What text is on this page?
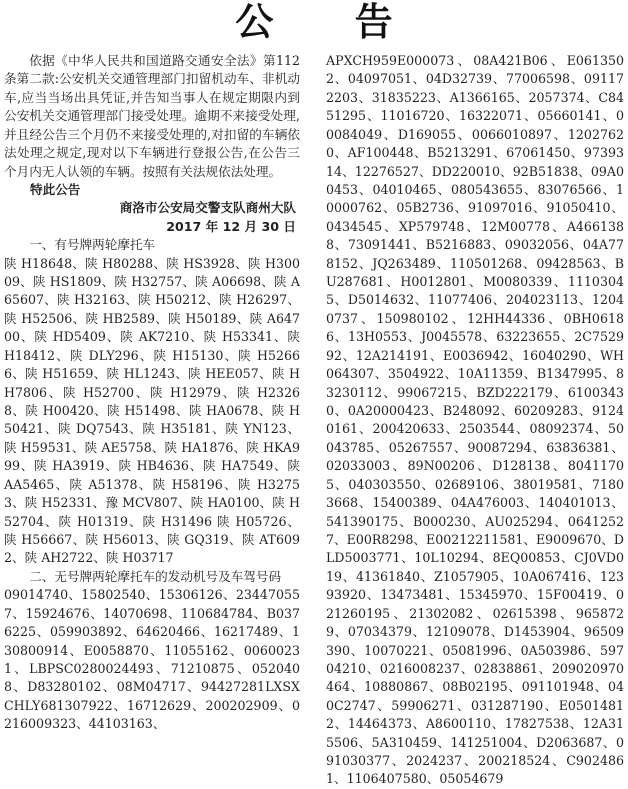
公 告

依据《中华人民共和国道路交通安全法》第112条第二款:公安机关交通管理部门扣留机动车、非机动车,应当当场出具凭证,并告知当事人在规定期限内到公安机关交通管理部门接受处理。逾期不来接受处理,并且经公告三个月仍不来接受处理的,对扣留的车辆依法处理之规定,现对以下车辆进行登报公告,在公告三个月内无人认领的车辆。按照有关法规依法处理。

特此公告

商洛市公安局交警支队商州大队

2017 年 12 月 30 日

一、有号牌两轮摩托车

陕 H18648、陕 H80288、陕 HS3928、陕 H30009、陕 HS1809、陕 H32757、陕 A06698、陕 A65607、陕 H32163、陕 H50212、陕 H26297、陕 H52506、陕 HB2589、陕 H50189、陕 A64700、陕 HD5409、陕 AK7210、陕 H53341、陕 H18412、陕 DLY296、陕 H15130、陕 H52666、陕 H51659、陕 HL1243、陕 HEE057、陕 HH7806、陕 H52700、陕 H12979、陕 H23268、陕 H00420、陕 H51498、陕 HA0678、陕 H50421、陕 DQ7543、陕 H35181、陕 YN123、陕 H59531、陕 AE5758、陕 HA1876、陕 HKA999、陕 HA3919、陕 HB4636、陕 HA7549、陕 AA5465、陕 A51378、陕 H58196、陕 H32753、陕 H52331、豫 MCV807、陕 HA0100、陕 H52704、陕 H01319、陕 H31496 陕 H05726、陕 H56667、陕 H56013、陕 GQ319、陕 AT6092、陕 AH2722、陕 H03717

二、无号牌两轮摩托车的发动机号及车驾号码

09014740、15802540、15306126、234470557、15924676、14070698、110684784、B0376225、059903892、64620466、16217489、130800914、E0058870、11055162、00600231、LBPSC0280024493、71210875、0520408、D83280102、08M04717、94427281LXSXCHLY681307922、16712629、200202909、0216009323、44103163、

APXCH959E000073、08A421B06、E0613502、04097051、04D32739、77006598、091172203、31835223、A1366165、2057374、C8451295、11016720、16322071、05660141、00084049、D169055、0066010897、12027620、AF100448、B5213291、67061450、9739314、12276527、DD220010、92B51838、09A00453、04010465、080543655、83076566、10000762、05B2736、91097016、91050410、0434545、XP579748、12M00778、A4661388、73091441、B5216883、09032056、04A778152、JQ263489、110501268、09428563、BU287681、H0012801、M0080339、11103045、D5014632、11077406、204023113、12040737、150980102、12HH44336、0BH06186、13H0553、J0045578、63223655、2C752992、12A214191、E0036942、16040290、WH064307、3504922、10A11359、B1347995、83230112、99067215、BZD222179、61003430、0A20000423、B248092、60209283、91240161、200420633、2503544、08092374、50043785、05267557、90087294、63836381、02033003、89N00206、D128138、80411705、040303550、02689106、38019581、71803668、15400389、04A476003、140401013、541390175、B000230、AU025294、06412527、E00R8298、E00212211581、E9009670、DLD5003771、10L10294、8EQ00853、CJ0VD019、41361840、Z1057905、10A067416、12393920、13473481、15345970、15F00419、021260195、21302082、02615398、9658729、07034379、12109078、D1453904、96509390、10070221、05081996、0A503986、59704210、0216008237、02838861、209020970464、10880867、08B02195、091101948、040C2747、59906271、031287190、E05014812、14464373、A8600110、17827538、12A315506、5A310459、141251004、D2063687、091030377、2024237、200218524、C9024861、1106407580、05054679
